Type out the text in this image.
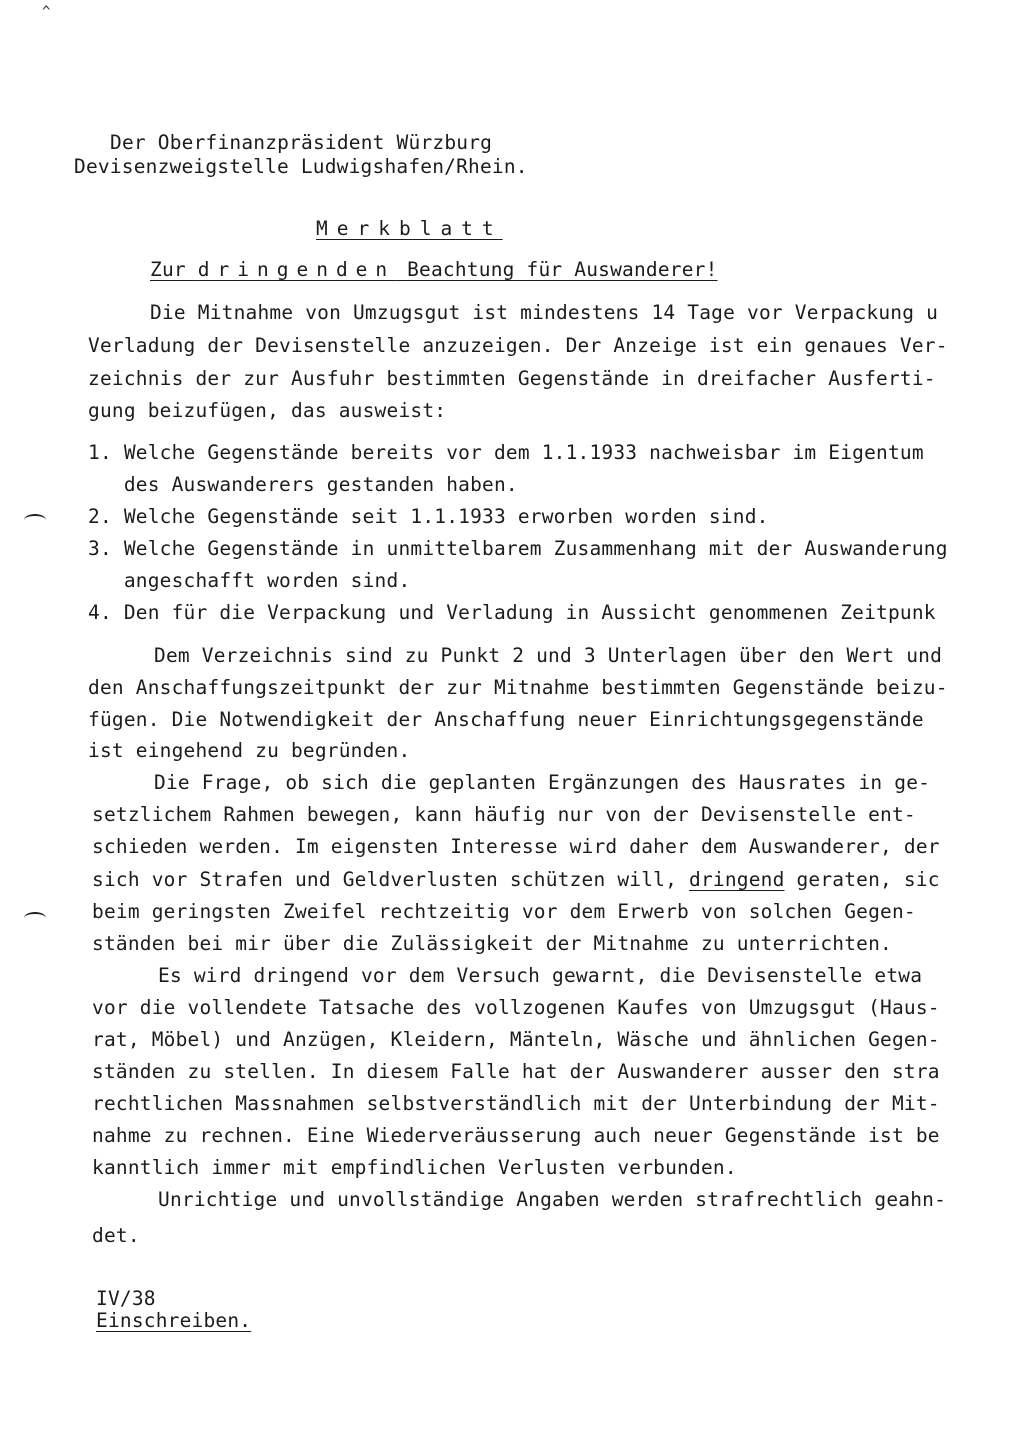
Der Oberfinanzpräsident Würzburg
Devisenzweigstelle Ludwigshafen/Rhein.
Merkblatt
Zur dringenden Beachtung für Auswanderer!
Die Mitnahme von Umzugsgut ist mindestens 14 Tage vor Verpackung u
Verladung der Devisenstelle anzuzeigen. Der Anzeige ist ein genaues Ver-
zeichnis der zur Ausfuhr bestimmten Gegenstände in dreifacher Ausferti-
gung beizufügen, das ausweist:
1. Welche Gegenstände bereits vor dem 1.1.1933 nachweisbar im Eigentum
des Auswanderers gestanden haben.
2. Welche Gegenstände seit 1.1.1933 erworben worden sind.
3. Welche Gegenstände in unmittelbarem Zusammenhang mit der Auswanderung
angeschafft worden sind.
4. Den für die Verpackung und Verladung in Aussicht genommenen Zeitpunk
Dem Verzeichnis sind zu Punkt 2 und 3 Unterlagen über den Wert und
den Anschaffungszeitpunkt der zur Mitnahme bestimmten Gegenstände beizu-
fügen. Die Notwendigkeit der Anschaffung neuer Einrichtungsgegenstände
ist eingehend zu begründen.
Die Frage, ob sich die geplanten Ergänzungen des Hausrates in ge-
setzlichem Rahmen bewegen, kann häufig nur von der Devisenstelle ent-
schieden werden. Im eigensten Interesse wird daher dem Auswanderer, der
sich vor Strafen und Geldverlusten schützen will, dringend geraten, sic
beim geringsten Zweifel rechtzeitig vor dem Erwerb von solchen Gegen-
ständen bei mir über die Zulässigkeit der Mitnahme zu unterrichten.
Es wird dringend vor dem Versuch gewarnt, die Devisenstelle etwa
vor die vollendete Tatsache des vollzogenen Kaufes von Umzugsgut (Haus-
rat, Möbel) und Anzügen, Kleidern, Mänteln, Wäsche und ähnlichen Gegen-
ständen zu stellen. In diesem Falle hat der Auswanderer ausser den stra
rechtlichen Massnahmen selbstverständlich mit der Unterbindung der Mit-
nahme zu rechnen. Eine Wiederveräusserung auch neuer Gegenstände ist be
kanntlich immer mit empfindlichen Verlusten verbunden.
Unrichtige und unvollständige Angaben werden strafrechtlich geahn-
det.
IV/38
Einschreiben.
^
